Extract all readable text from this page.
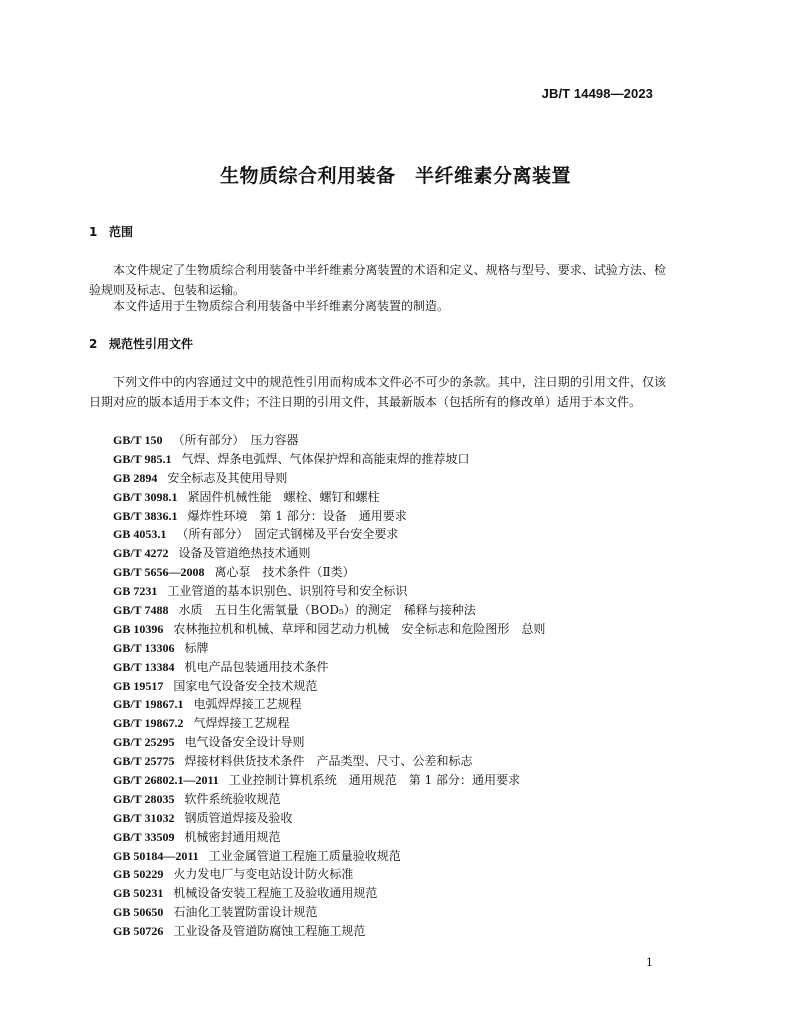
JB/T 14498—2023
生物质综合利用装备　半纤维素分离装置
1 范围
本文件规定了生物质综合利用装备中半纤维素分离装置的术语和定义、规格与型号、要求、试验方法、检验规则及标志、包装和运输。
本文件适用于生物质综合利用装备中半纤维素分离装置的制造。
2 规范性引用文件
下列文件中的内容通过文中的规范性引用而构成本文件必不可少的条款。其中，注日期的引用文件，仅该日期对应的版本适用于本文件；不注日期的引用文件，其最新版本（包括所有的修改单）适用于本文件。
GB/T 150 （所有部分）　压力容器
GB/T 985.1 气焊、焊条电弧焊、气体保护焊和高能束焊的推荐坡口
GB 2894 安全标志及其使用导则
GB/T 3098.1 紧固件机械性能　螺栓、螺钉和螺柱
GB/T 3836.1 爆炸性环境　第 1 部分：设备　通用要求
GB 4053.1 （所有部分）　固定式钢梯及平台安全要求
GB/T 4272 设备及管道绝热技术通则
GB/T 5656—2008 离心泵　技术条件（Ⅱ类）
GB 7231 工业管道的基本识别色、识别符号和安全标识
GB/T 7488 水质　五日生化需氧量（BOD₅）的测定　稀释与接种法
GB 10396 农林拖拉机和机械、草坪和园艺动力机械　安全标志和危险图形　总则
GB/T 13306 标牌
GB/T 13384 机电产品包装通用技术条件
GB 19517 国家电气设备安全技术规范
GB/T 19867.1 电弧焊焊接工艺规程
GB/T 19867.2 气焊焊接工艺规程
GB/T 25295 电气设备安全设计导则
GB/T 25775 焊接材料供货技术条件　产品类型、尺寸、公差和标志
GB/T 26802.1—2011 工业控制计算机系统　通用规范　第 1 部分：通用要求
GB/T 28035 软件系统验收规范
GB/T 31032 钢质管道焊接及验收
GB/T 33509 机械密封通用规范
GB 50184—2011 工业金属管道工程施工质量验收规范
GB 50229 火力发电厂与变电站设计防火标准
GB 50231 机械设备安装工程施工及验收通用规范
GB 50650 石油化工装置防雷设计规范
GB 50726 工业设备及管道防腐蚀工程施工规范
1
